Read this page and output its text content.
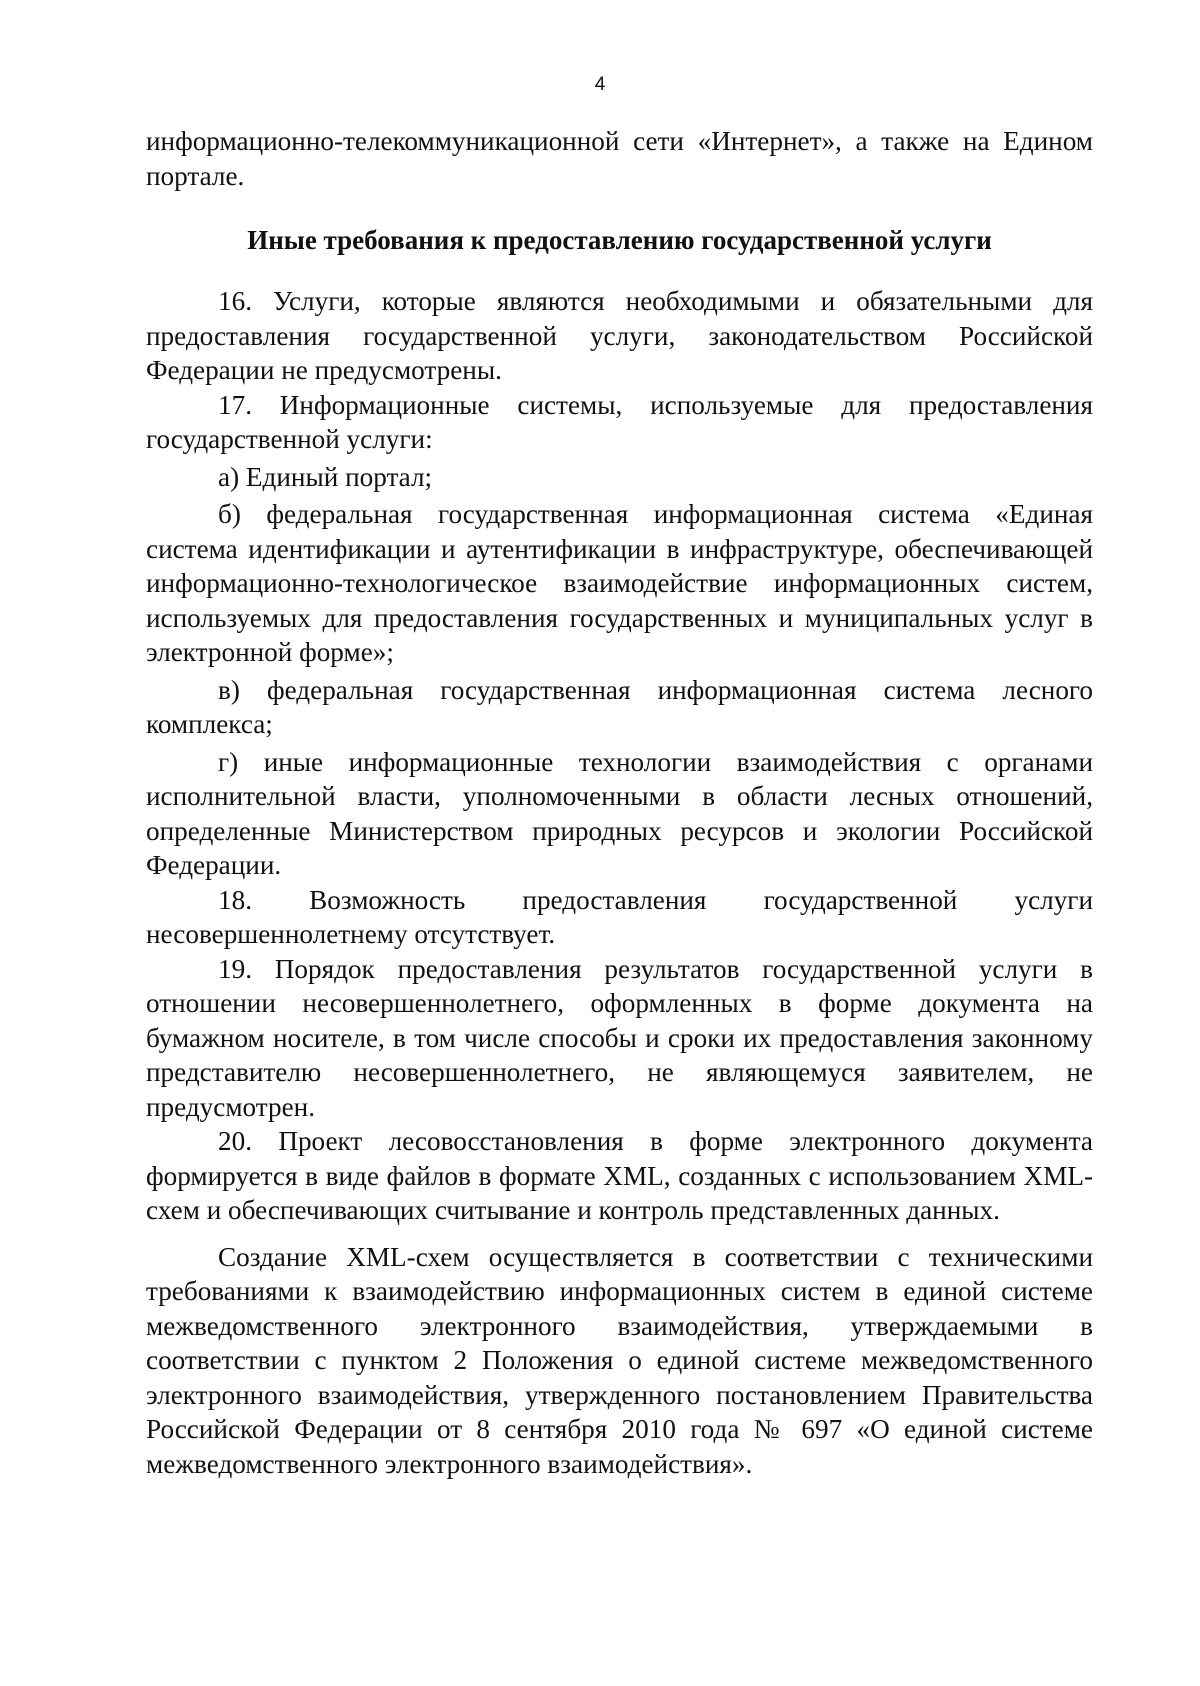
4

информационно-телекоммуникационной сети «Интернет», а также на Едином портале.

Иные требования к предоставлению государственной услуги

16. Услуги, которые являются необходимыми и обязательными для предоставления государственной услуги, законодательством Российской Федерации не предусмотрены.

17. Информационные системы, используемые для предоставления государственной услуги:

а) Единый портал;

б) федеральная государственная информационная система «Единая система идентификации и аутентификации в инфраструктуре, обеспечивающей информационно-технологическое взаимодействие информационных систем, используемых для предоставления государственных и муниципальных услуг в электронной форме»;

в) федеральная государственная информационная система лесного комплекса;

г) иные информационные технологии взаимодействия с органами исполнительной власти, уполномоченными в области лесных отношений, определенные Министерством природных ресурсов и экологии Российской Федерации.

18. Возможность предоставления государственной услуги несовершеннолетнему отсутствует.

19. Порядок предоставления результатов государственной услуги в отношении несовершеннолетнего, оформленных в форме документа на бумажном носителе, в том числе способы и сроки их предоставления законному представителю несовершеннолетнего, не являющемуся заявителем, не предусмотрен.

20. Проект лесовосстановления в форме электронного документа формируется в виде файлов в формате XML, созданных с использованием XML-схем и обеспечивающих считывание и контроль представленных данных.

Создание XML-схем осуществляется в соответствии с техническими требованиями к взаимодействию информационных систем в единой системе межведомственного электронного взаимодействия, утверждаемыми в соответствии с пунктом 2 Положения о единой системе межведомственного электронного взаимодействия, утвержденного постановлением Правительства Российской Федерации от 8 сентября 2010 года № 697 «О единой системе межведомственного электронного взаимодействия».
